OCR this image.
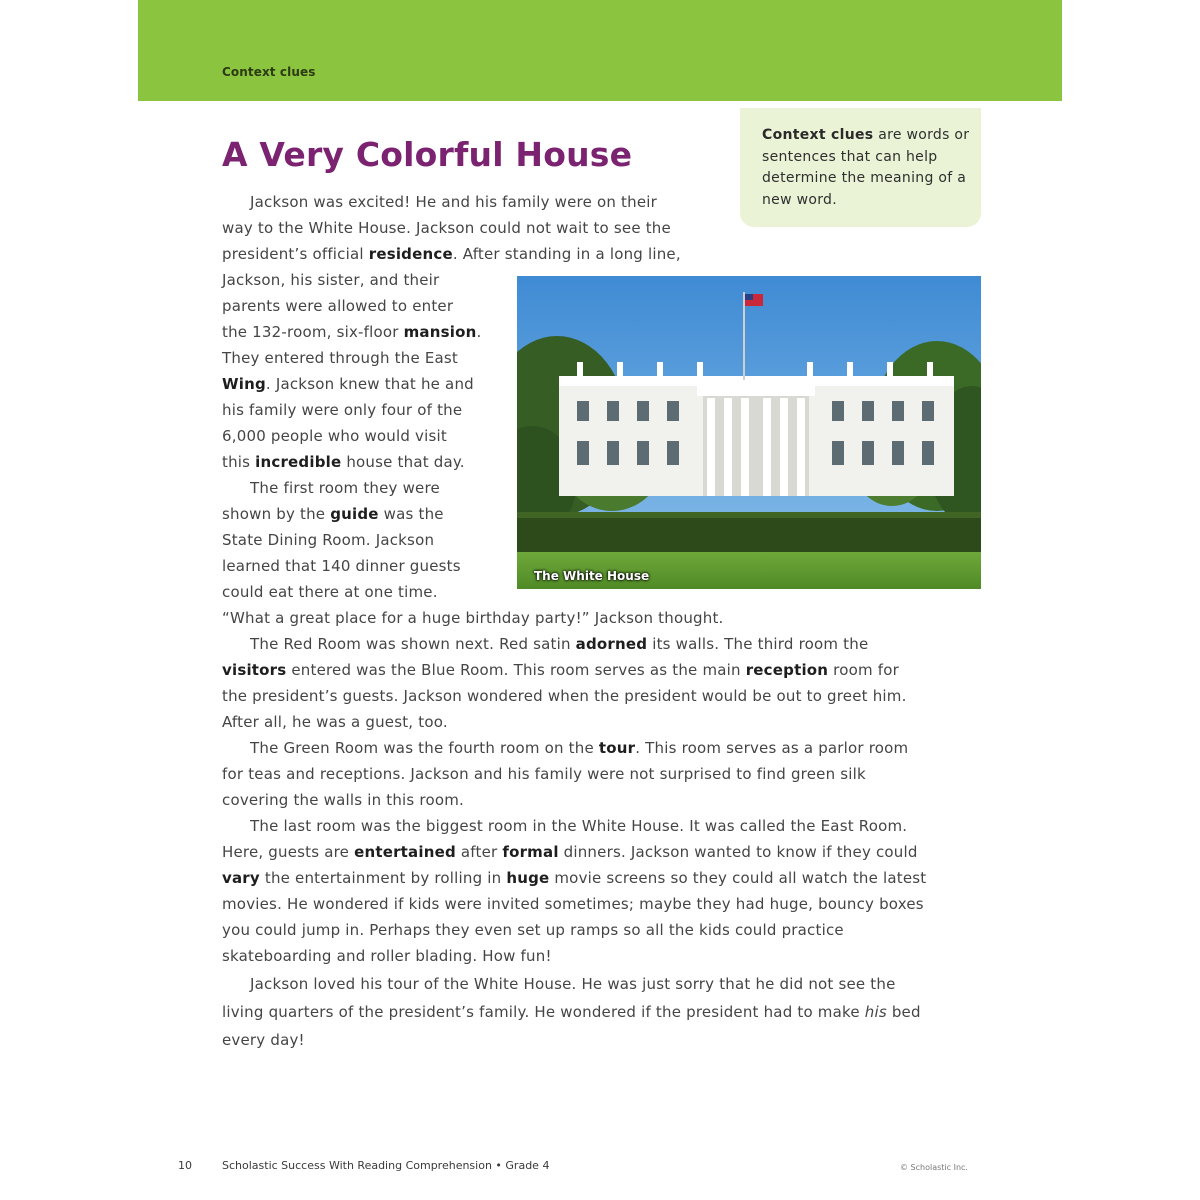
Context clues
A Very Colorful House	Context clues are words or sentences that can help determine the meaning of a new word.
The White House

Jackson was excited! He and his family were on their

way to the White House. Jackson could not wait to see the

president’s official residence. After standing in a long line,

Jackson, his sister, and their

parents were allowed to enter

the 132-room, six-floor mansion.

They entered through the East

Wing. Jackson knew that he and

his family were only four of the

6,000 people who would visit

this incredible house that day.

The first room they were

shown by the guide was the

State Dining Room. Jackson

learned that 140 dinner guests

could eat there at one time.

“What a great place for a huge birthday party!” Jackson thought.

The Red Room was shown next. Red satin adorned its walls. The third room the

visitors entered was the Blue Room. This room serves as the main reception room for

the president’s guests. Jackson wondered when the president would be out to greet him.

After all, he was a guest, too.

The Green Room was the fourth room on the tour. This room serves as a parlor room

for teas and receptions. Jackson and his family were not surprised to find green silk

covering the walls in this room.

The last room was the biggest room in the White House. It was called the East Room.

Here, guests are entertained after formal dinners. Jackson wanted to know if they could

vary the entertainment by rolling in huge movie screens so they could all watch the latest

movies. He wondered if kids were invited sometimes; maybe they had huge, bouncy boxes

you could jump in. Perhaps they even set up ramps so all the kids could practice

skateboarding and roller blading. How fun!

Jackson loved his tour of the White House. He was just sorry that he did not see the

living quarters of the president’s family. He wondered if the president had to make his bed

every day!

10	Scholastic Success With Reading Comprehension • Grade 4	© Scholastic Inc.
